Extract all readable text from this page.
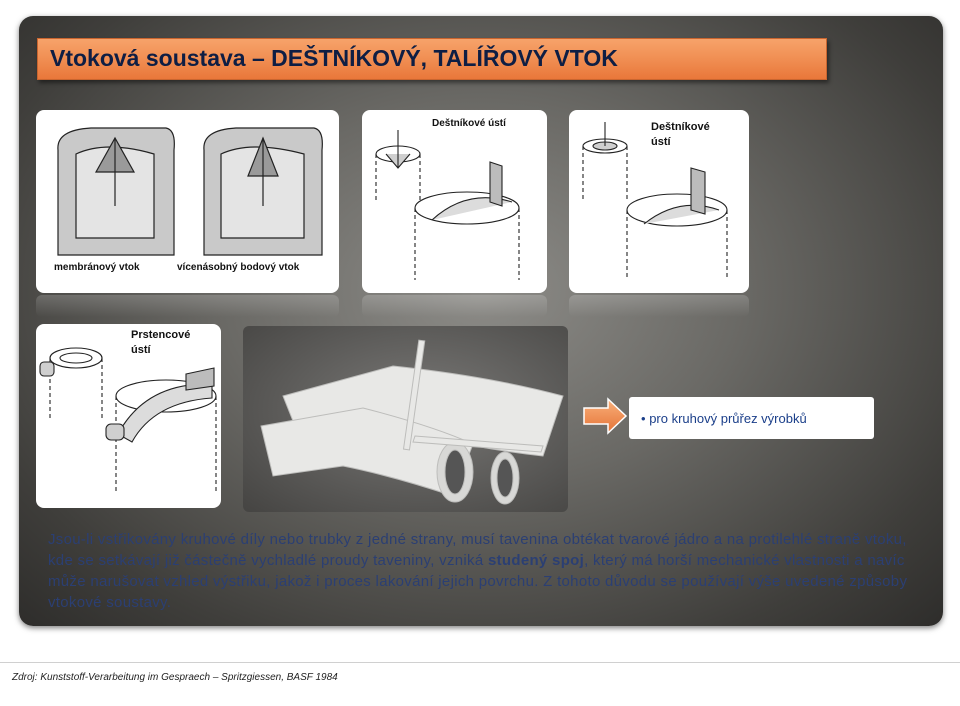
Vtoková soustava – DEŠTNÍKOVÝ, TALÍŘOVÝ VTOK
membránový vtok	vícenásobný bodový vtok
Deštníkové ústí	Deštníkové
ústí
Prstencové
ústí
• pro kruhový průřez výrobků
Jsou-li vstřikovány kruhové díly nebo trubky z jedné strany, musí tavenina obtékat tvarové jádro a na protilehlé straně vtoku, kde se setkávají již částečně vychladlé proudy taveniny, vzniká studený spoj, který má horší mechanické vlastnosti a navíc může narušovat vzhled výstřiku, jakož i proces lakování jejich povrchu. Z tohoto důvodu se používají výše uvedené způsoby vtokové soustavy.
Zdroj: Kunststoff-Verarbeitung im Gespraech – Spritzgiessen, BASF 1984
